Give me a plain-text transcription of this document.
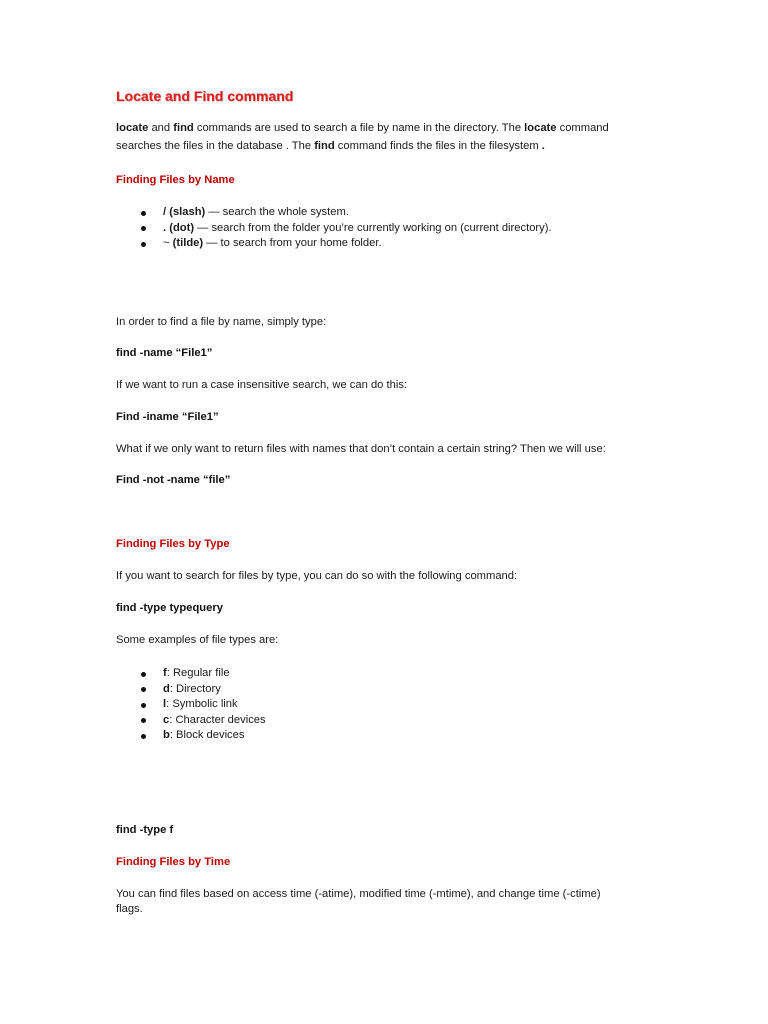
Locate and Find command
locate and find commands are used to search a file by name in the directory. The locate command
searches the files in the database . The find command finds the files in the filesystem .
Finding Files by Name
/ (slash) — search the whole system.
. (dot) — search from the folder you’re currently working on (current directory).
~ (tilde) — to search from your home folder.
In order to find a file by name, simply type:
find -name “File1”
If we want to run a case insensitive search, we can do this:
Find -iname “File1”
What if we only want to return files with names that don’t contain a certain string? Then we will use:
Find -not -name “file”
Finding Files by Type
If you want to search for files by type, you can do so with the following command:
find -type typequery
Some examples of file types are:
f: Regular file
d: Directory
l: Symbolic link
c: Character devices
b: Block devices
find -type f
Finding Files by Time
You can find files based on access time (-atime), modified time (-mtime), and change time (-ctime)
flags.
